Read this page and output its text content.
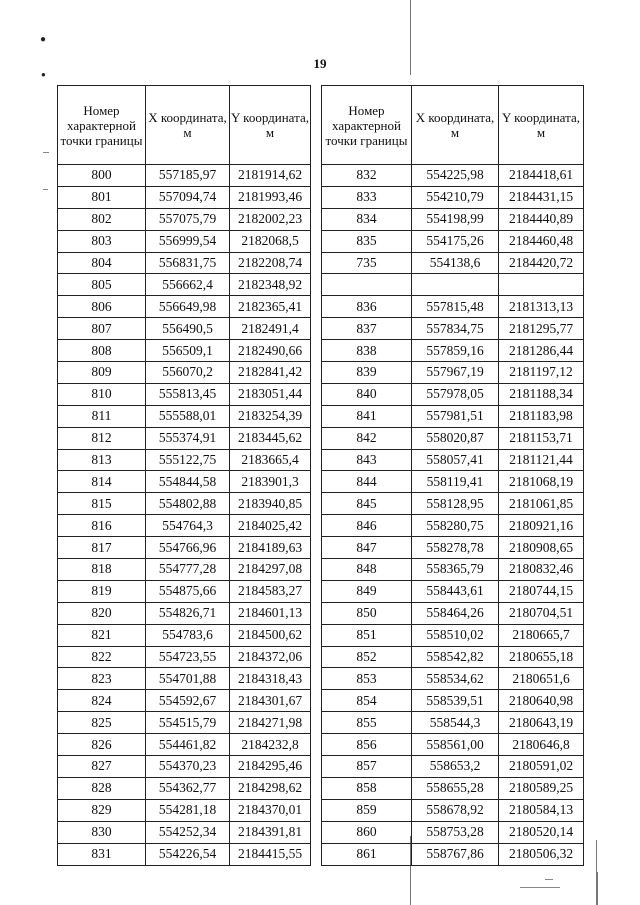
19
●
●
Номер характерной точки границы	X координата, м	Y координата, м
800	557185,97	2181914,62
801	557094,74	2181993,46
802	557075,79	2182002,23
803	556999,54	2182068,5
804	556831,75	2182208,74
805	556662,4	2182348,92
806	556649,98	2182365,41
807	556490,5	2182491,4
808	556509,1	2182490,66
809	556070,2	2182841,42
810	555813,45	2183051,44
811	555588,01	2183254,39
812	555374,91	2183445,62
813	555122,75	2183665,4
814	554844,58	2183901,3
815	554802,88	2183940,85
816	554764,3	2184025,42
817	554766,96	2184189,63
818	554777,28	2184297,08
819	554875,66	2184583,27
820	554826,71	2184601,13
821	554783,6	2184500,62
822	554723,55	2184372,06
823	554701,88	2184318,43
824	554592,67	2184301,67
825	554515,79	2184271,98
826	554461,82	2184232,8
827	554370,23	2184295,46
828	554362,77	2184298,62
829	554281,18	2184370,01
830	554252,34	2184391,81
831	554226,54	2184415,55
Номер характерной точки границы	X координата, м	Y координата, м
832	554225,98	2184418,61
833	554210,79	2184431,15
834	554198,99	2184440,89
835	554175,26	2184460,48
735	554138,6	2184420,72

836	557815,48	2181313,13
837	557834,75	2181295,77
838	557859,16	2181286,44
839	557967,19	2181197,12
840	557978,05	2181188,34
841	557981,51	2181183,98
842	558020,87	2181153,71
843	558057,41	2181121,44
844	558119,41	2181068,19
845	558128,95	2181061,85
846	558280,75	2180921,16
847	558278,78	2180908,65
848	558365,79	2180832,46
849	558443,61	2180744,15
850	558464,26	2180704,51
851	558510,02	2180665,7
852	558542,82	2180655,18
853	558534,62	2180651,6
854	558539,51	2180640,98
855	558544,3	2180643,19
856	558561,00	2180646,8
857	558653,2	2180591,02
858	558655,28	2180589,25
859	558678,92	2180584,13
860	558753,28	2180520,14
861	558767,86	2180506,32
